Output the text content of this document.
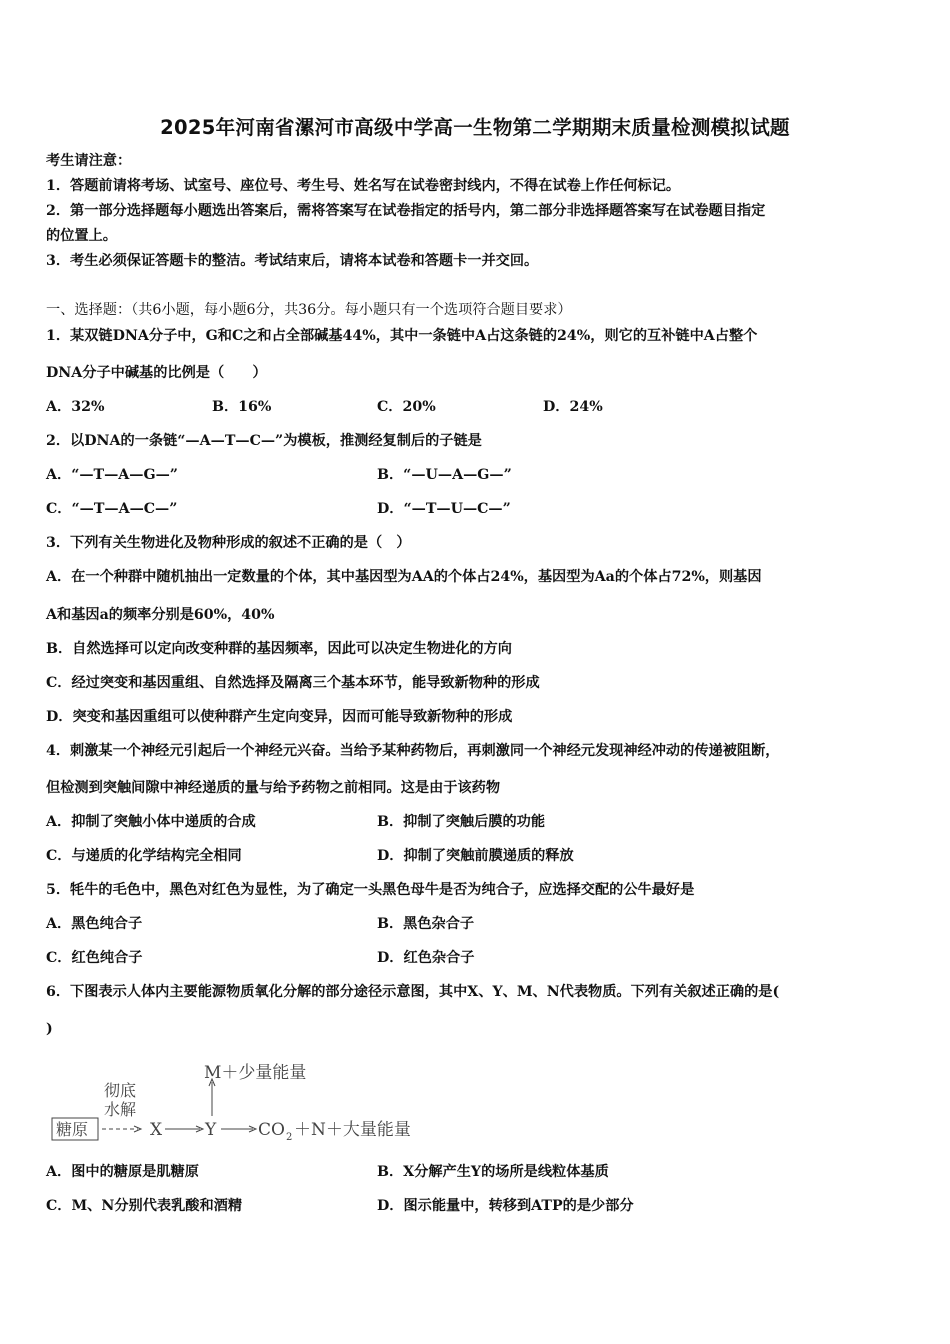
2025年河南省漯河市高级中学高一生物第二学期期末质量检测模拟试题
考生请注意：
1．答题前请将考场、试室号、座位号、考生号、姓名写在试卷密封线内，不得在试卷上作任何标记。
2．第一部分选择题每小题选出答案后，需将答案写在试卷指定的括号内，第二部分非选择题答案写在试卷题目指定
的位置上。
3．考生必须保证答题卡的整洁。考试结束后，请将本试卷和答题卡一并交回。
一、选择题：（共6小题，每小题6分，共36分。每小题只有一个选项符合题目要求）
1．某双链DNA分子中，G和C之和占全部碱基44%，其中一条链中A占这条链的24%，则它的互补链中A占整个
DNA分子中碱基的比例是（　　）
A．32%	B．16%	C．20%	D．24%
2．以DNA的一条链“—A—T—C—”为模板，推测经复制后的子链是
A．“—T—A—G—”	B．“—U—A—G—”
C．“—T—A—C—”	D．“—T—U—C—”
3．下列有关生物进化及物种形成的叙述不正确的是（　）
A．在一个种群中随机抽出一定数量的个体，其中基因型为AA的个体占24%，基因型为Aa的个体占72%，则基因
A和基因a的频率分别是60%，40%
B．自然选择可以定向改变种群的基因频率，因此可以决定生物进化的方向
C．经过突变和基因重组、自然选择及隔离三个基本环节，能导致新物种的形成
D．突变和基因重组可以使种群产生定向变异，因而可能导致新物种的形成
4．刺激某一个神经元引起后一个神经元兴奋。当给予某种药物后，再刺激同一个神经元发现神经冲动的传递被阻断，
但检测到突触间隙中神经递质的量与给予药物之前相同。这是由于该药物
A．抑制了突触小体中递质的合成	B．抑制了突触后膜的功能
C．与递质的化学结构完全相同	D．抑制了突触前膜递质的释放
5．牦牛的毛色中，黑色对红色为显性，为了确定一头黑色母牛是否为纯合子，应选择交配的公牛最好是
A．黑色纯合子	B．黑色杂合子
C．红色纯合子	D．红色杂合子
6．下图表示人体内主要能源物质氧化分解的部分途径示意图，其中X、Y、M、N代表物质。下列有关叙述正确的是(
)
M＋少量能量
彻底
水解
糖原	X	Y CO 2 ＋N＋大量能量
A．图中的糖原是肌糖原	B．X分解产生Y的场所是线粒体基质
C．M、N分别代表乳酸和酒精	D．图示能量中，转移到ATP的是少部分
